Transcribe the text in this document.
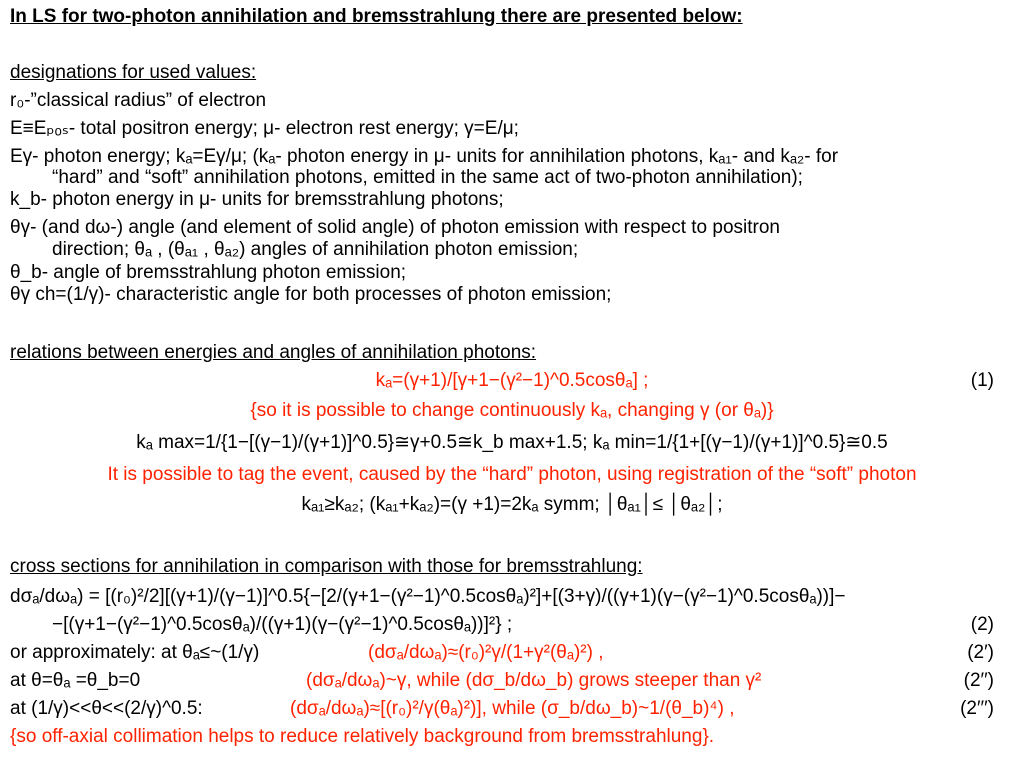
In LS for two-photon annihilation and bremsstrahlung there are presented below:
designations for used values:
r₀-”classical radius” of electron
E≡Eₚₒₛ- total positron energy; μ- electron rest energy; γ=E/μ;
Eγ- photon energy; kₐ=Eγ/μ; (kₐ- photon energy in μ- units for annihilation photons, kₐ₁- and kₐ₂- for
“hard” and “soft” annihilation photons, emitted in the same act of two-photon annihilation);
k_b- photon energy in μ- units for bremsstrahlung photons;
θγ- (and dω-) angle (and element of solid angle) of photon emission with respect to positron
direction; θₐ , (θₐ₁ , θₐ₂) angles of annihilation photon emission;
θ_b- angle of bremsstrahlung photon emission;
θγ ch=(1/γ)- characteristic angle for both processes of photon emission;
relations between energies and angles of annihilation photons:
kₐ=(γ+1)/[γ+1−(γ²−1)^0.5cosθₐ] ;	(1)
{so it is possible to change continuously kₐ, changing γ (or θₐ)}
kₐ max=1/{1−[(γ−1)/(γ+1)]^0.5}≅γ+0.5≅k_b max+1.5; kₐ min=1/{1+[(γ−1)/(γ+1)]^0.5}≅0.5
It is possible to tag the event, caused by the “hard” photon, using registration of the “soft” photon
kₐ₁≥kₐ₂; (kₐ₁+kₐ₂)=(γ +1)=2kₐ symm; │θₐ₁│≤ │θₐ₂│;
cross sections for annihilation in comparison with those for bremsstrahlung:
dσₐ/dωₐ) = [(r₀)²/2][(γ+1)/(γ−1)]^0.5{−[2/(γ+1−(γ²−1)^0.5cosθₐ)²]+[(3+γ)/((γ+1)(γ−(γ²−1)^0.5cosθₐ))]−
−[(γ+1−(γ²−1)^0.5cosθₐ)/((γ+1)(γ−(γ²−1)^0.5cosθₐ))]²} ;	(2)
or approximately: at θₐ≤~(1/γ)	(dσₐ/dωₐ)≈(r₀)²γ/(1+γ²(θₐ)²) ,	(2′)
at θ=θₐ =θ_b=0	(dσₐ/dωₐ)~γ, while (dσ_b/dω_b) grows steeper than γ²	(2′′)
at (1/γ)<<θ<<(2/γ)^0.5:	(dσₐ/dωₐ)≈[(r₀)²/γ(θₐ)²)], while (σ_b/dω_b)~1/(θ_b)⁴) ,	(2′′′)
{so off-axial collimation helps to reduce relatively background from bremsstrahlung}.
